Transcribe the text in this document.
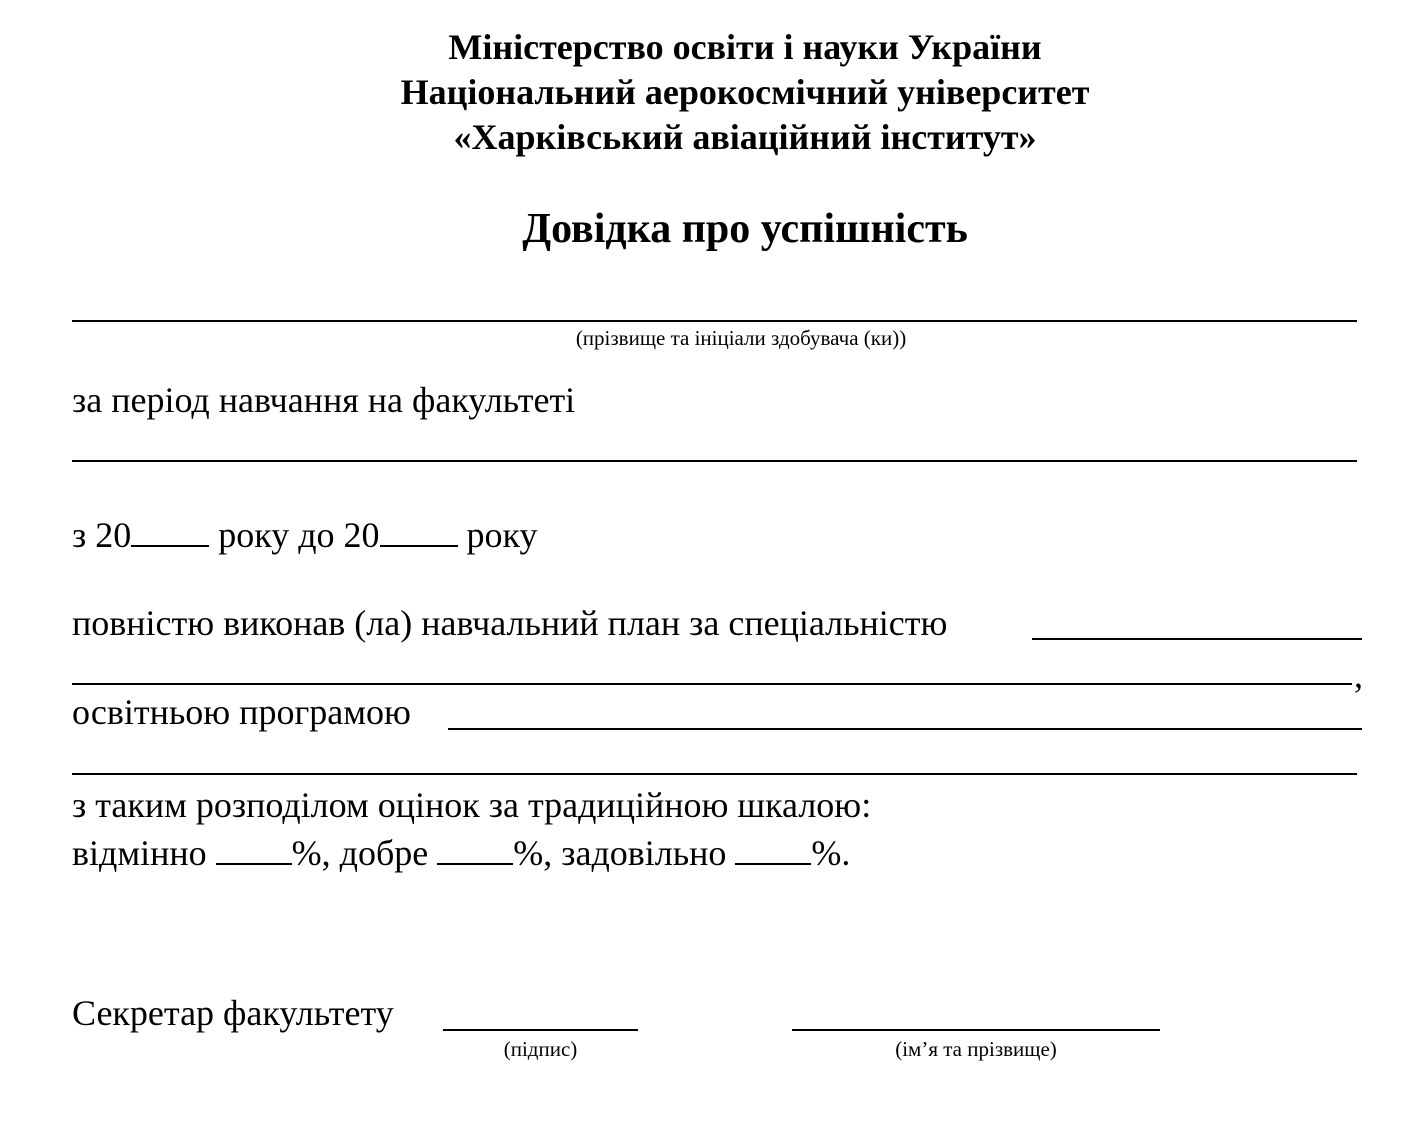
Міністерство освіти і науки України
Національний аерокосмічний університет
«Харківський авіаційний інститут»
Довідка про успішність
(прізвище та ініціали здобувача (ки))
за період навчання на факультеті
з 20 року до 20 року
повністю виконав (ла) навчальний план за спеціальністю
,
освітньою програмою
з таким розподілом оцінок за традиційною шкалою:
відмінно %, добре %, задовільно %.
Секретар факультету
(підпис)	(імʼя та прізвище)
